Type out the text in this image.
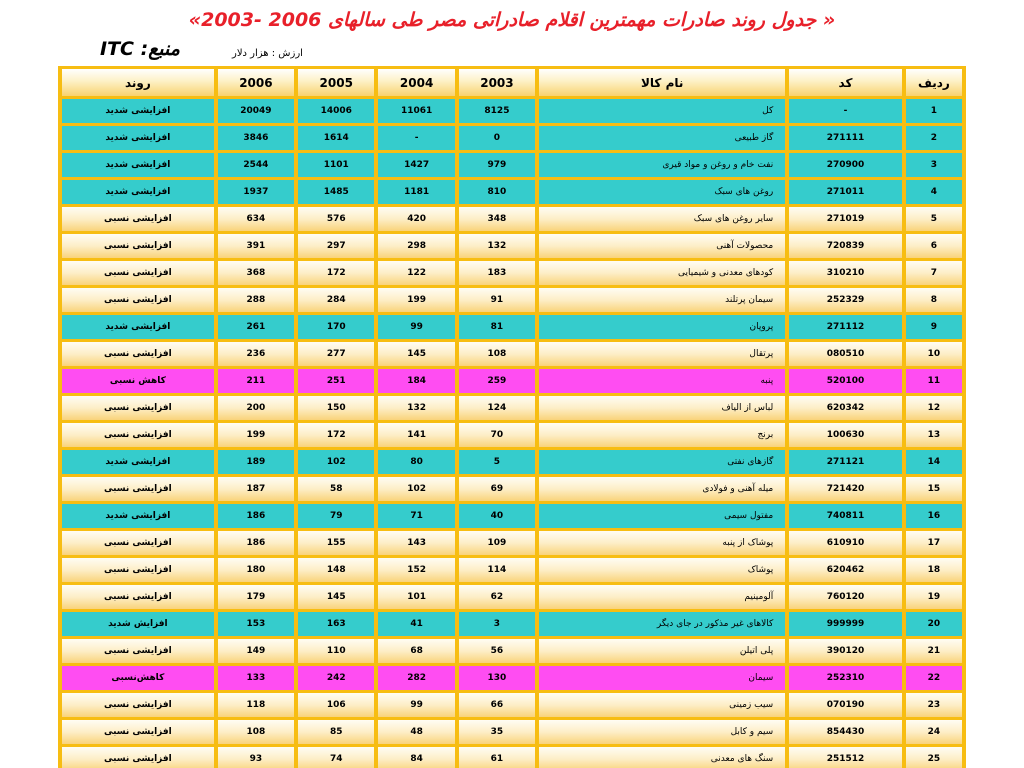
« جدول روند صادرات مهمترین اقلام صادراتی مصر طی سالهای 2006 -2003»
منبع: ITC	ارزش : هزار دلار
ردیف	کد	نام کالا	2003	2004	2005	2006	روند
1	-	کل	8125	11061	14006	20049	افزایشی شدید
2	271111	گاز طبیعی	0	-	1614	3846	افزایشی شدید
3	270900	نفت خام و روغن و مواد قیری	979	1427	1101	2544	افزایشی شدید
4	271011	روغن های سبک	810	1181	1485	1937	افزایشی شدید
5	271019	سایر روغن های سبک	348	420	576	634	افزایشی نسبی
6	720839	محصولات آهنی	132	298	297	391	افزایشی نسبی
7	310210	کودهای معدنی و شیمیایی	183	122	172	368	افزایشی نسبی
8	252329	سیمان پرتلند	91	199	284	288	افزایشی نسبی
9	271112	پروپان	81	99	170	261	افزایشی شدید
10	080510	پرتقال	108	145	277	236	افزایشی نسبی
11	520100	پنبه	259	184	251	211	کاهش نسبی
12	620342	لباس از الیاف	124	132	150	200	افزایشی نسبی
13	100630	برنج	70	141	172	199	افزایشی نسبی
14	271121	گازهای نفتی	5	80	102	189	افزایشی شدید
15	721420	میله آهنی و فولادی	69	102	58	187	افزایشی نسبی
16	740811	مفتول سیمی	40	71	79	186	افزایشی شدید
17	610910	پوشاک از پنبه	109	143	155	186	افزایشی نسبی
18	620462	پوشاک	114	152	148	180	افزایشی نسبی
19	760120	آلومینیم	62	101	145	179	افزایشی نسبی
20	999999	کالاهای غیر مذکور در جای دیگر	3	41	163	153	افزایش شدید
21	390120	پلی اتیلن	56	68	110	149	افزایشی نسبی
22	252310	سیمان	130	282	242	133	کاهش‌نسبی
23	070190	سیب زمینی	66	99	106	118	افزایشی نسبی
24	854430	سیم و کابل	35	48	85	108	افزایشی نسبی
25	251512	سنگ های معدنی	61	84	74	93	افزایشی نسبی
